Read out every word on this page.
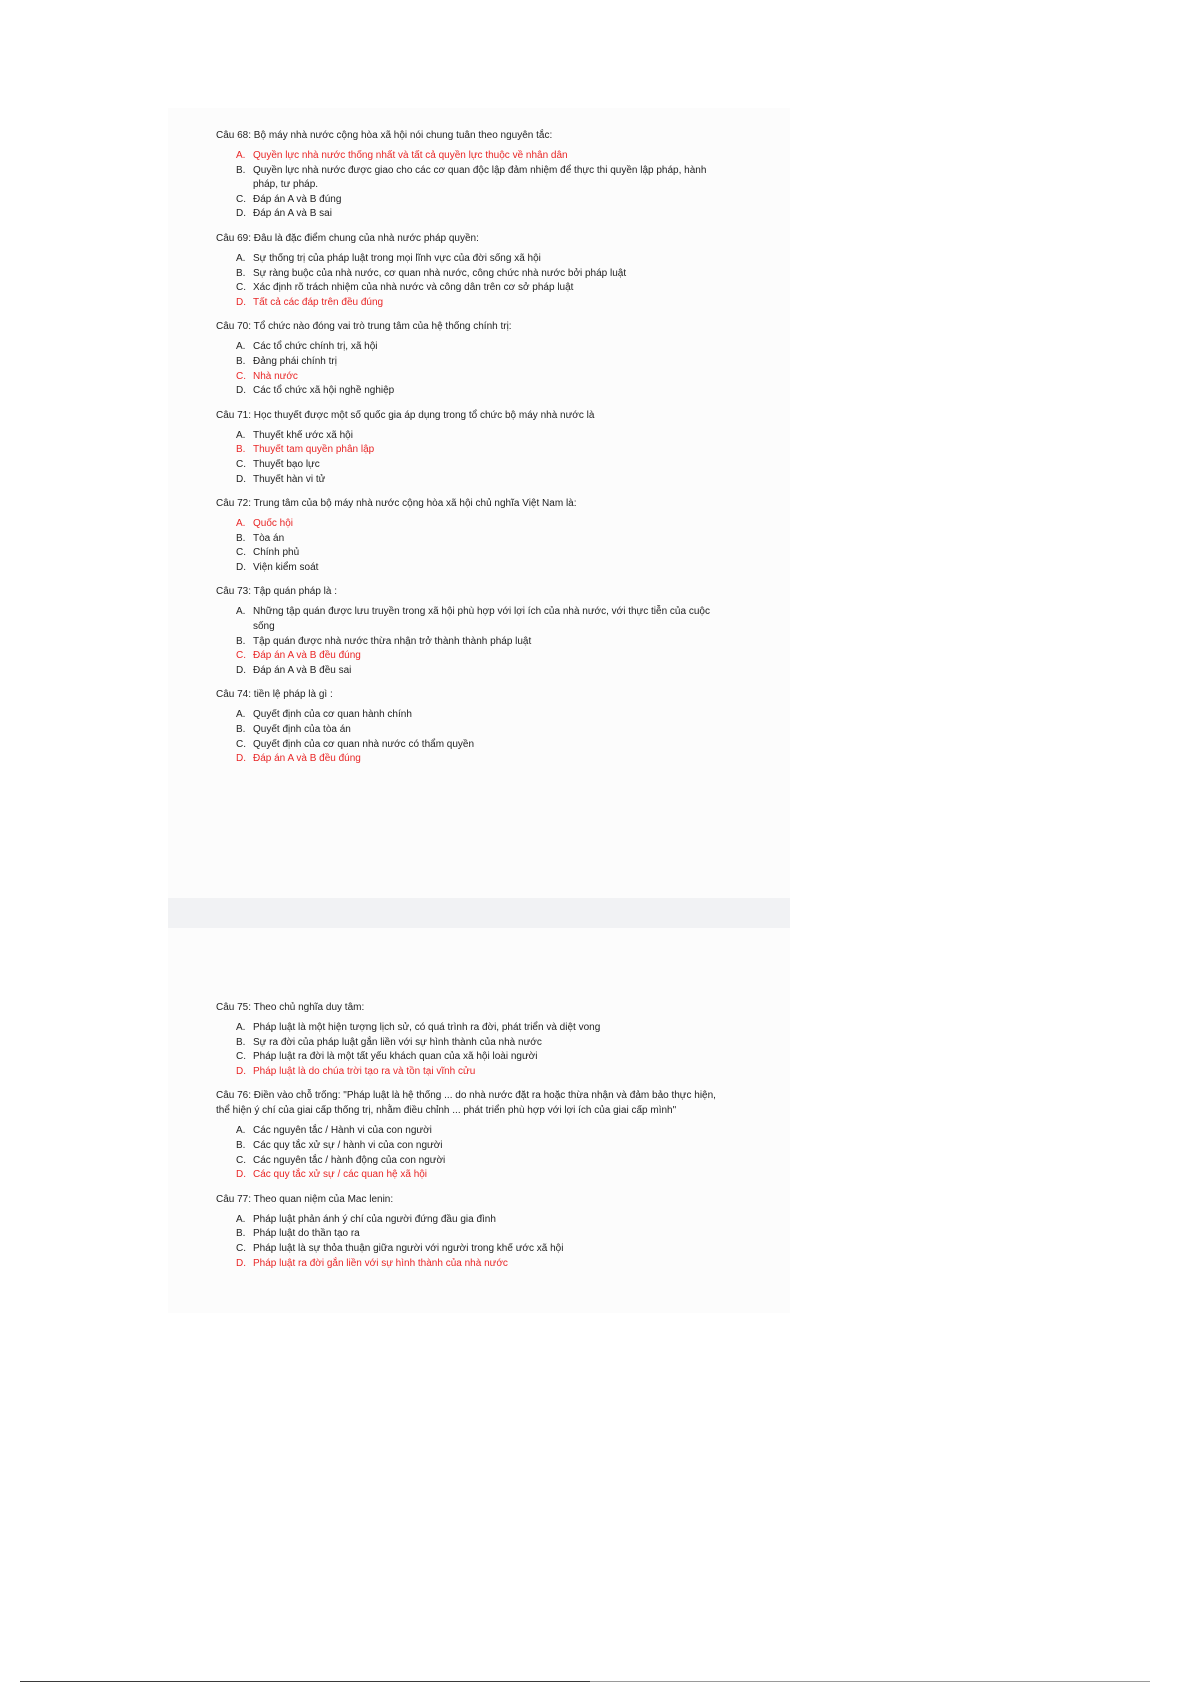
Câu 68: Bộ máy nhà nước cộng hòa xã hội nói chung tuân theo nguyên tắc:

A. Quyền lực nhà nước thống nhất và tất cả quyền lực thuộc về nhân dân
B. Quyền lực nhà nước được giao cho các cơ quan độc lập đảm nhiệm để thực thi quyền lập pháp, hành pháp, tư pháp.
C. Đáp án A và B đúng
D. Đáp án A và B sai

Câu 69: Đâu là đặc điểm chung của nhà nước pháp quyền:

A. Sự thống trị của pháp luật trong mọi lĩnh vực của đời sống xã hội
B. Sự ràng buộc của nhà nước, cơ quan nhà nước, công chức nhà nước bởi pháp luật
C. Xác định rõ trách nhiệm của nhà nước và công dân trên cơ sở pháp luật
D. Tất cả các đáp trên đều đúng

Câu 70: Tổ chức nào đóng vai trò trung tâm của hệ thống chính trị:

A. Các tổ chức chính trị, xã hội
B. Đảng phái chính trị
C. Nhà nước
D. Các tổ chức xã hội nghề nghiệp

Câu 71: Học thuyết được một số quốc gia áp dụng trong tổ chức bộ máy nhà nước là

A. Thuyết khế ước xã hội
B. Thuyết tam quyền phân lập
C. Thuyết bạo lực
D. Thuyết hàn vi tử

Câu 72: Trung tâm của bộ máy nhà nước cộng hòa xã hội chủ nghĩa Việt Nam là:

A. Quốc hội
B. Tòa án
C. Chính phủ
D. Viện kiểm soát

Câu 73: Tập quán pháp là :

A. Những tập quán được lưu truyền trong xã hội phù hợp với lợi ích của nhà nước, với thực tiễn của cuộc sống
B. Tập quán được nhà nước thừa nhận trở thành thành pháp luật
C. Đáp án A và B đều đúng
D. Đáp án A và B đều sai

Câu 74: tiền lệ pháp là gì :

A. Quyết định của cơ quan hành chính
B. Quyết định của tòa án
C. Quyết định của cơ quan nhà nước có thẩm quyền
D. Đáp án A và B đều đúng

Câu 75: Theo chủ nghĩa duy tâm:

A. Pháp luật là một hiện tượng lịch sử, có quá trình ra đời, phát triển và diệt vong
B. Sự ra đời của pháp luật gắn liền với sự hình thành của nhà nước
C. Pháp luật ra đời là một tất yếu khách quan của xã hội loài người
D. Pháp luật là do chúa trời tạo ra và tồn tại vĩnh cửu

Câu 76: Điền vào chỗ trống: "Pháp luật là hệ thống ... do nhà nước đặt ra hoặc thừa nhận và đảm bảo thực hiện, thể hiện ý chí của giai cấp thống trị, nhằm điều chỉnh ... phát triển phù hợp với lợi ích của giai cấp mình"

A. Các nguyên tắc / Hành vi của con người
B. Các quy tắc xử sự / hành vi của con người
C. Các nguyên tắc / hành động của con người
D. Các quy tắc xử sự / các quan hệ xã hội

Câu 77: Theo quan niệm của Mac lenin:

A. Pháp luật phản ánh ý chí của người đứng đầu gia đình
B. Pháp luật do thần tạo ra
C. Pháp luật là sự thỏa thuận giữa người với người trong khế ước xã hội
D. Pháp luật ra đời gắn liền với sự hình thành của nhà nước
